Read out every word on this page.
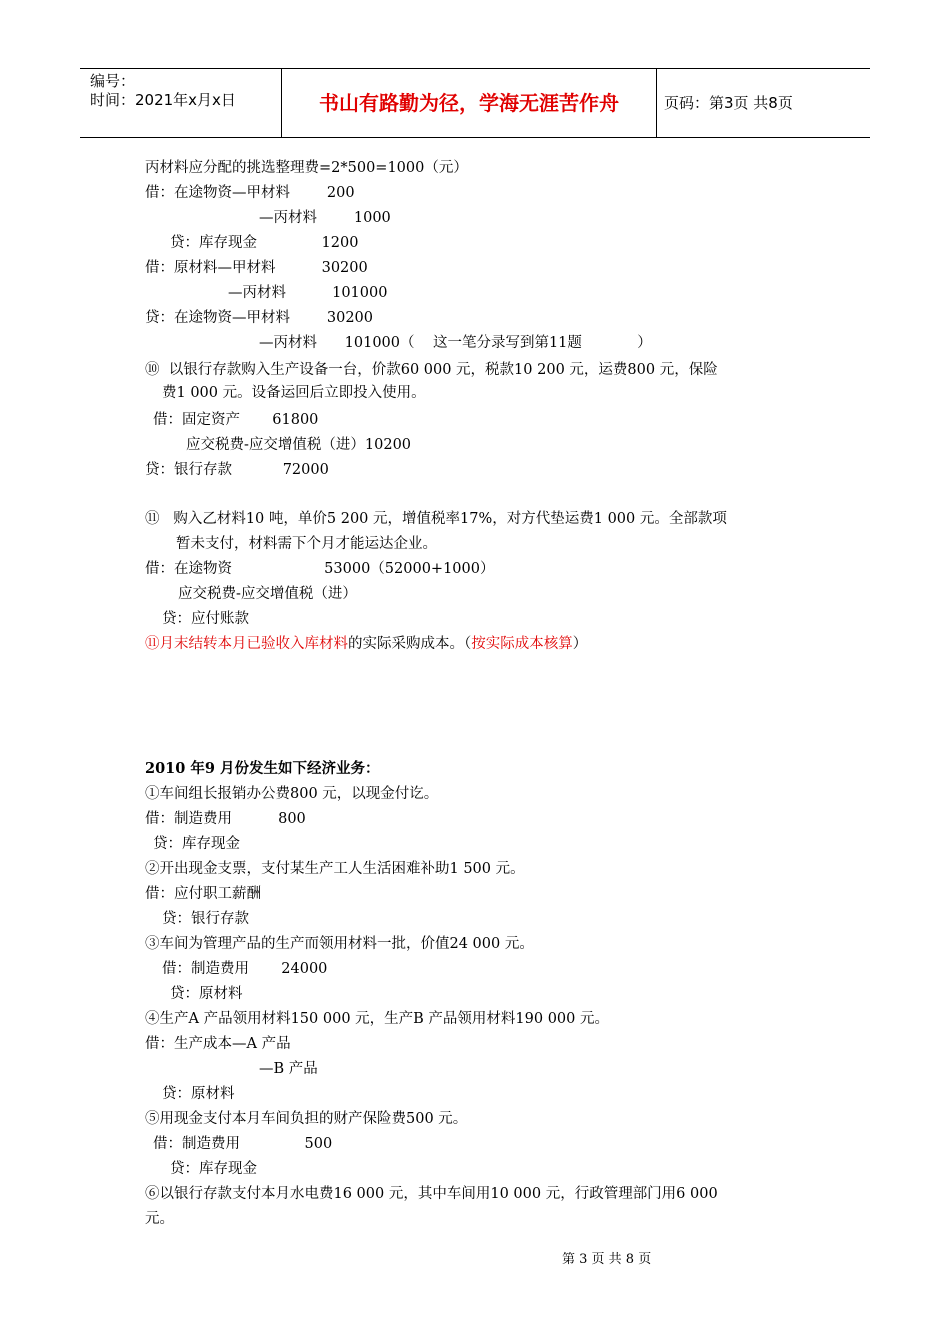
编号：
时间：2021年x月x日	书山有路勤为径，学海无涯苦作舟	页码：第3页 共8页
丙材料应分配的挑选整理费=2*500=1000（元）
借：在途物资—甲材料        200
—丙材料        1000
贷：库存现金              1200
借：原材料—甲材料          30200
—丙材料          101000
贷：在途物资—甲材料        30200
—丙材料      101000（    这一笔分录写到第11题            ）
⑩  以银行存款购入生产设备一台，价款60 000 元，税款10 200 元，运费800 元，保险
费1 000 元。设备运回后立即投入使用。
借：固定资产       61800
应交税费-应交增值税（进）10200
贷：银行存款           72000
⑪   购入乙材料10 吨，单价5 200 元，增值税率17%，对方代垫运费1 000 元。全部款项
暂未支付，材料需下个月才能运达企业。
借：在途物资                    53000（52000+1000）
应交税费-应交增值税（进）
贷：应付账款
2010 年9 月份发生如下经济业务：
①车间组长报销办公费800 元，以现金付讫。
借：制造费用          800
贷：库存现金
②开出现金支票，支付某生产工人生活困难补助1 500 元。
借：应付职工薪酬
贷：银行存款
③车间为管理产品的生产而领用材料一批，价值24 000 元。
借：制造费用       24000
贷：原材料
④生产A 产品领用材料150 000 元，生产B 产品领用材料190 000 元。
借：生产成本—A 产品
—B 产品
贷：原材料
⑤用现金支付本月车间负担的财产保险费500 元。
借：制造费用              500
贷：库存现金
⑥以银行存款支付本月水电费16 000 元，其中车间用10 000 元，行政管理部门用6 000
元。
⑪月末结转本月已验收入库材料的实际采购成本。（按实际成本核算）
第 3 页 共 8 页
